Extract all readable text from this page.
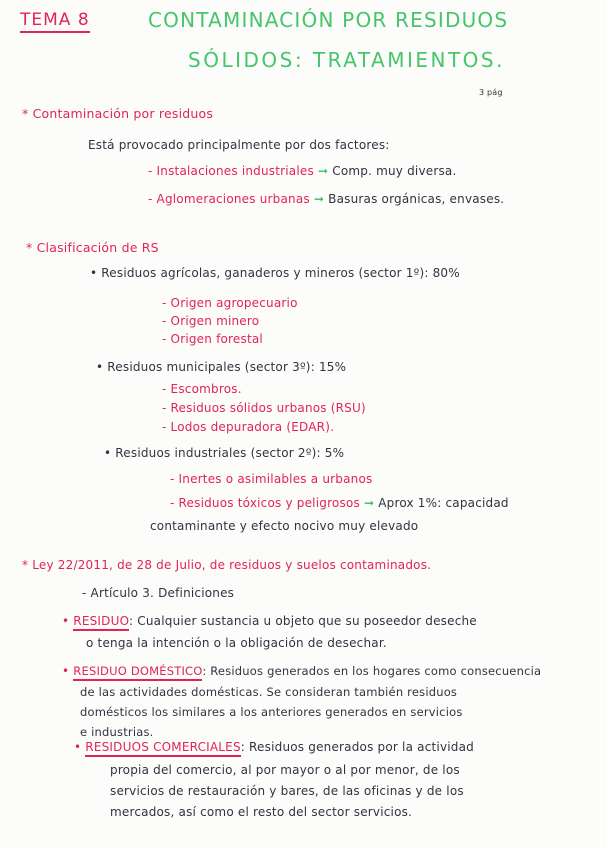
TEMA 8	CONTAMINACIÓN POR RESIDUOS
SÓLIDOS: TRATAMIENTOS.
3 pág
* Contaminación por residuos
Está provocado principalmente por dos factores:
- Instalaciones industriales ➞ Comp. muy diversa.
- Aglomeraciones urbanas ➞ Basuras orgánicas, envases.
* Clasificación de RS
• Residuos agrícolas, ganaderos y mineros (sector 1º): 80%
- Origen agropecuario
- Origen minero
- Origen forestal
• Residuos municipales (sector 3º): 15%
- Escombros.
- Residuos sólidos urbanos (RSU)
- Lodos depuradora (EDAR).
• Residuos industriales (sector 2º): 5%
- Inertes o asimilables a urbanos
- Residuos tóxicos y peligrosos ➞ Aprox 1%: capacidad
contaminante y efecto nocivo muy elevado
* Ley 22/2011, de 28 de Julio, de residuos y suelos contaminados.
- Artículo 3. Definiciones
• RESIDUO: Cualquier sustancia u objeto que su poseedor deseche
o tenga la intención o la obligación de desechar.
• RESIDUO DOMÉSTICO: Residuos generados en los hogares como consecuencia
de las actividades domésticas. Se consideran también residuos
domésticos los similares a los anteriores generados en servicios
e industrias.
• RESIDUOS COMERCIALES: Residuos generados por la actividad
propia del comercio, al por mayor o al por menor, de los
servicios de restauración y bares, de las oficinas y de los
mercados, así como el resto del sector servicios.
